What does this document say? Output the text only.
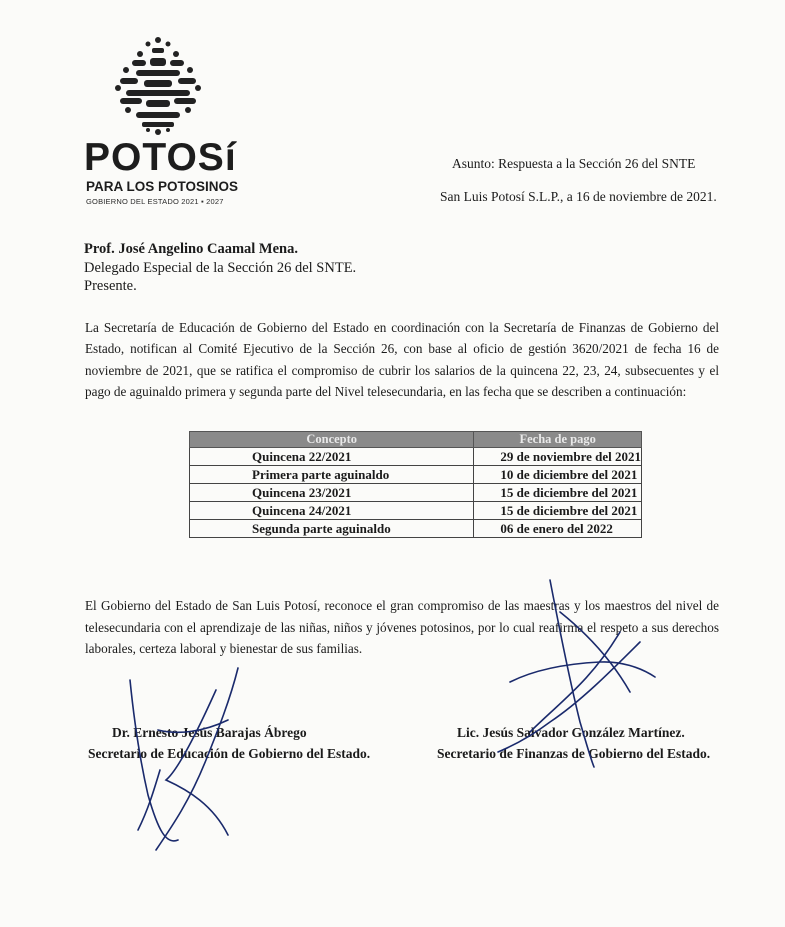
POTOSí
PARA LOS POTOSINOS
GOBIERNO DEL ESTADO 2021 ▪ 2027
Asunto: Respuesta a la Sección 26 del SNTE
San Luis Potosí S.L.P., a 16 de noviembre de 2021.
Prof. José Angelino Caamal Mena.
Delegado Especial de la Sección 26 del SNTE.
Presente.
La Secretaría de Educación de Gobierno del Estado en coordinación con la Secretaría de Finanzas de Gobierno del Estado, notifican al Comité Ejecutivo de la Sección 26, con base al oficio de gestión 3620/2021 de fecha 16 de noviembre de 2021, que se ratifica el compromiso de cubrir los salarios de la quincena 22, 23, 24, subsecuentes y el pago de aguinaldo primera y segunda parte del Nivel telesecundaria, en las fecha que se describen a continuación:
Concepto	Fecha de pago
Quincena 22/2021	29 de noviembre del 2021
Primera parte aguinaldo	10 de diciembre del 2021
Quincena 23/2021	15 de diciembre del 2021
Quincena 24/2021	15 de diciembre del 2021
Segunda parte aguinaldo	06 de enero del 2022
El Gobierno del Estado de San Luis Potosí, reconoce el gran compromiso de las maestras y los maestros del nivel de telesecundaria con el aprendizaje de las niñas, niños y jóvenes potosinos, por lo cual reafirma el respeto a sus derechos laborales, certeza laboral y bienestar de sus familias.
Dr. Ernesto Jesús Barajas Ábrego
Secretario de Educación de Gobierno del Estado.
Lic. Jesús Salvador González Martínez.
Secretario de Finanzas de Gobierno del Estado.
